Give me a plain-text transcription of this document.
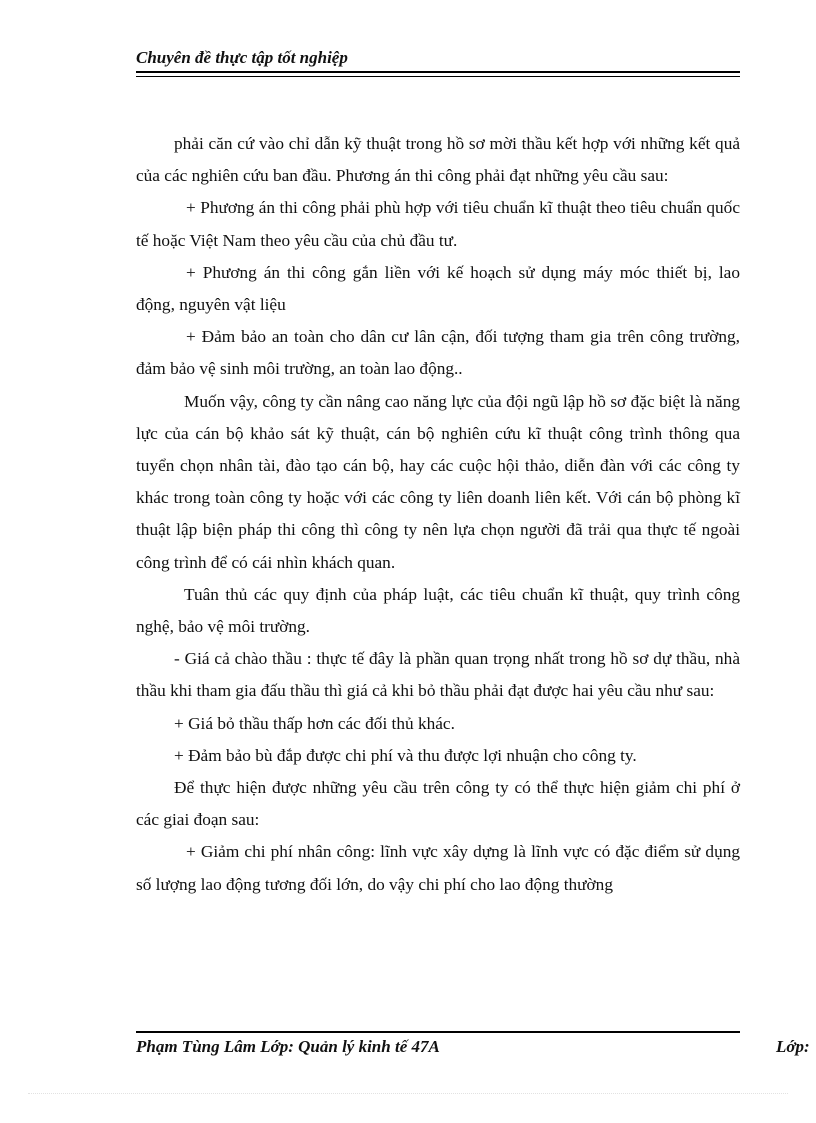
Chuyên đề thực tập tốt nghiệp

phải căn cứ vào chỉ dẫn kỹ thuật trong hồ sơ mời thầu kết hợp với những kết quả của các nghiên cứu ban đầu. Phương án thi công phải đạt những yêu cầu sau:

+ Phương án thi công phải phù hợp với tiêu chuẩn kĩ thuật theo tiêu chuẩn quốc tế hoặc Việt Nam theo yêu cầu của chủ đầu tư.

+ Phương án thi công gắn liền với kế hoạch sử dụng máy móc thiết bị, lao động, nguyên vật liệu

+ Đảm bảo an toàn cho dân cư lân cận, đối tượng tham gia trên công trường, đảm bảo vệ sinh môi trường, an toàn lao động..

Muốn vậy, công ty cần nâng cao năng lực của đội ngũ lập hồ sơ đặc biệt là năng lực của cán bộ khảo sát kỹ thuật, cán bộ nghiên cứu kĩ thuật công trình thông qua tuyển chọn nhân tài, đào tạo cán bộ, hay các cuộc hội thảo, diễn đàn với các công ty khác trong toàn công ty hoặc với các công ty liên doanh liên kết. Với cán bộ phòng kĩ thuật lập biện pháp thi công thì công ty nên lựa chọn người đã trải qua thực tế ngoài công trình để có cái nhìn khách quan.

Tuân thủ các quy định của pháp luật, các tiêu chuẩn kĩ thuật, quy trình công nghệ, bảo vệ môi trường.

- Giá cả chào thầu : thực tế đây là phần quan trọng nhất trong hồ sơ dự thầu, nhà thầu khi tham gia đấu thầu thì giá cả khi bỏ thầu phải đạt được hai yêu cầu như sau:

+ Giá bỏ thầu thấp hơn các đối thủ khác.

+ Đảm bảo bù đắp được chi phí và thu được lợi nhuận cho công ty.

Để thực hiện được những yêu cầu trên công ty có thể thực hiện giảm chi phí ở các giai đoạn sau:

+ Giảm chi phí nhân công: lĩnh vực xây dựng là lĩnh vực có đặc điểm sử dụng số lượng lao động tương đối lớn, do vậy chi phí cho lao động thường

Phạm Tùng Lâm Lớp: Quản lý kinh tế 47A	Lớp:
